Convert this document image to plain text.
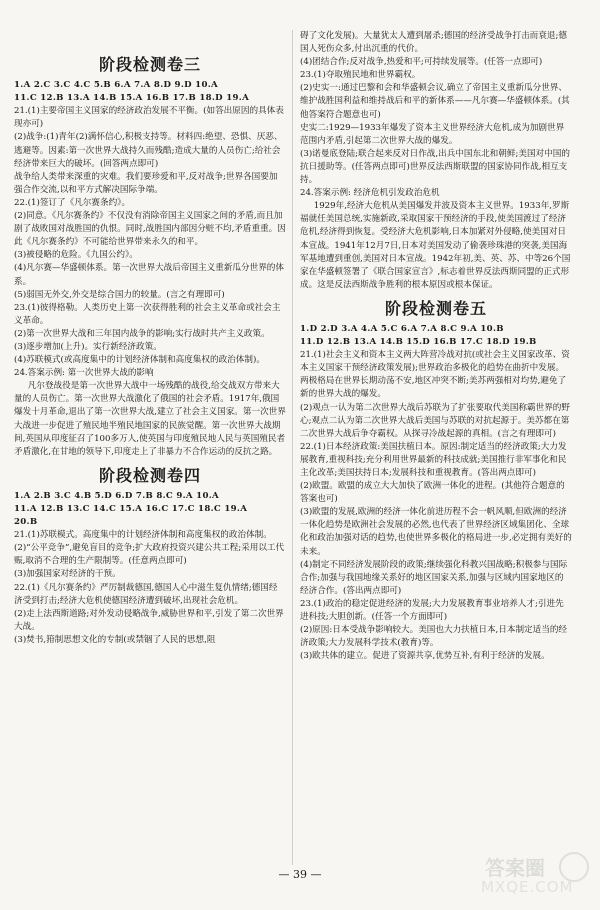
阶段检测卷三
1.A 2.C 3.C 4.C 5.B 6.A 7.A 8.D 9.D 10.A
11.C 12.B 13.A 14.B 15.A 16.B 17.B 18.D 19.A
21.(1)主要帝国主义国家的经济政治发展不平衡。(如答出原因的具体表现亦可)
(2)战争:(1)青年(2)满怀信心,积极支持等。材料四:绝望、恐惧、厌恶、逃避等。因素:第一次世界大战持久而残酷;造成大量的人员伤亡;给社会经济带来巨大的破坏。(回答两点即可)
战争给人类带来深重的灾难。我们要珍爱和平,反对战争;世界各国要加强合作交流,以和平方式解决国际争端。
22.(1)签订了《凡尔赛条约》。
(2)同意。《凡尔赛条约》不仅没有消除帝国主义国家之间的矛盾,而且加剧了战败国对战胜国的仇恨。同时,战胜国内部因分赃不均,矛盾重重。因此《凡尔赛条约》不可能给世界带来永久的和平。
(3)被侵略的危险。《九国公约》。
(4)凡尔赛—华盛顿体系。第一次世界大战后帝国主义重新瓜分世界的体系。
(5)弱国无外交,外交是综合国力的较量。(言之有理即可)
23.(1)彼得格勒。人类历史上第一次获得胜利的社会主义革命或社会主义革命。
(2)第一次世界大战和三年国内战争的影响;实行战时共产主义政策。
(3)逐步增加(上升)。实行新经济政策。
(4)苏联模式(或高度集中的计划经济体制和高度集权的政治体制)。
24.答案示例: 第一次世界大战的影响
凡尔登战役是第一次世界大战中一场残酷的战役,给交战双方带来大量的人员伤亡。第一次世界大战激化了俄国的社会矛盾。1917年,俄国爆发十月革命,退出了第一次世界大战,建立了社会主义国家。第一次世界大战进一步促进了殖民地半殖民地国家的民族觉醒。第一次世界大战期间,英国从印度征召了100多万人,使英国与印度殖民地人民与英国殖民者矛盾激化,在甘地的领导下,印度走上了非暴力不合作运动的反抗之路。
阶段检测卷四
1.A 2.B 3.C 4.B 5.D 6.D 7.B 8.C 9.A 10.A
11.A 12.B 13.C 14.C 15.A 16.C 17.C 18.C 19.A
20.B
21.(1)苏联模式。高度集中的计划经济体制和高度集权的政治体制。
(2)“公平竞争”,避免盲目的竞争;扩大政府投资兴建公共工程;采用以工代赈,取消不合理的生产限制等。(任意两点即可)
(3)加强国家对经济的干预。
22.(1)《凡尔赛条约》严厉制裁德国,德国人心中滋生复仇情绪;德国经济受到打击;经济大危机使德国经济遭到破坏,出现社会危机。
(2)走上法西斯道路;对外发动侵略战争,威胁世界和平,引发了第二次世界大战。
(3)焚书,箝制思想文化的专制(或禁锢了人民的思想,阻
碍了文化发展)。大量犹太人遭到屠杀;德国的经济受战争打击而衰退;德国人死伤众多,付出沉重的代价。
(4)团结合作;反对战争,热爱和平;可持续发展等。(任答一点即可)
23.(1)夺取殖民地和世界霸权。
(2)史实一:通过巴黎和会和华盛顿会议,确立了帝国主义重新瓜分世界、维护战胜国利益和维持战后和平的新体系——凡尔赛—华盛顿体系。(其他答案符合题意也可)
史实二:1929—1933年爆发了资本主义世界经济大危机,成为加剧世界范围内矛盾,引起第二次世界大战的爆发。
(3)诺曼底登陆;联合起来反对日作战,出兵中国东北和朝鲜;美国对中国的抗日援助等。(任答两点即可)世界反法西斯联盟的国家协同作战,相互支持。
24.答案示例: 经济危机引发政治危机
1929年,经济大危机从美国爆发并波及资本主义世界。1933年,罗斯福就任美国总统,实施新政,采取国家干预经济的手段,使美国渡过了经济危机,经济得到恢复。受经济大危机影响,日本加紧对外侵略,使美国对日本宣战。1941年12月7日,日本对美国发动了偷袭珍珠港的突袭,美国海军基地遭到重创,美国对日本宣战。1942年初,美、英、苏、中等26个国家在华盛顿签署了《联合国家宣言》,标志着世界反法西斯同盟的正式形成。这是反法西斯战争胜利的根本原因或根本保证。
阶段检测卷五
1.D 2.D 3.A 4.A 5.C 6.A 7.A 8.C 9.A 10.B
11.D 12.B 13.A 14.B 15.D 16.B 17.C 18.D 19.B
21.(1)社会主义和资本主义两大阵营冷战对抗(或社会主义国家改革、资本主义国家干预经济政策发展);世界政治多极化的趋势在曲折中发展。两极格局在世界长期动荡不安,地区冲突不断;美苏两强相对均势,避免了新的世界大战的爆发。
(2)观点一认为第二次世界大战后苏联为了扩张要取代美国称霸世界的野心;观点二认为第二次世界大战后美国与苏联的对抗起源于。美苏都在第二次世界大战后争夺霸权。从探寻冷战起源的真相。(言之有理即可)
22.(1)日本经济政策:美国扶植日本。原因:制定适当的经济政策;大力发展教育,重视科技;充分利用世界最新的科技成就;美国推行非军事化和民主化改革;美国扶持日本;发展科技和重视教育。(答出两点即可)
(2)欧盟。欧盟的成立大大加快了欧洲一体化的进程。(其他符合题意的答案也可)
(3)欧盟的发展,欧洲的经济一体化前进历程不会一帆风顺,但欧洲的经济一体化趋势是欧洲社会发展的必然,也代表了世界经济区域集团化、全球化和政治加强对话的趋势,也使世界多极化的格局进一步,必定拥有美好的未来。
(4)制定不同经济发展阶段的政策;继续强化科教兴国战略;积极参与国际合作;加强与我国地缘关系好的地区国家关系,加强与区域内国家地区的经济合作。(答出两点即可)
23.(1)政治的稳定促进经济的发展;大力发展教育事业培养人才;引进先进科技;大胆创新。(任答一个方面即可)
(2)原因:日本受战争影响较大。美国也大力扶植日本,日本制定适当的经济政策;大力发展科学技术(教育)等。
(3)欧共体的建立。促进了资源共享,优势互补,有利于经济的发展。
— 39 —	答案圈
MXQE.COM
